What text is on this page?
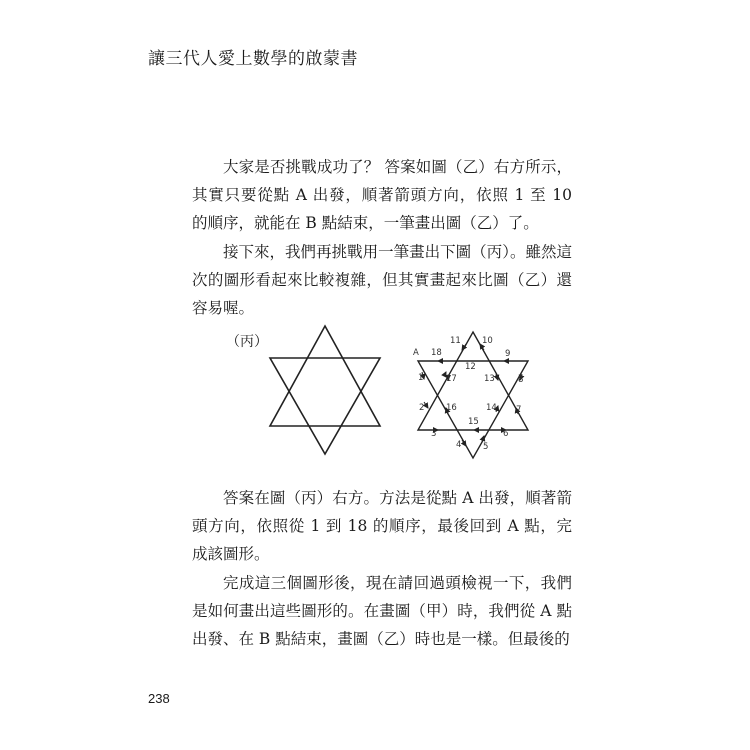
讓三代人愛上數學的啟蒙書

大家是否挑戰成功了？ 答案如圖（乙）右方所示，其實只要從點 A 出發，順著箭頭方向，依照 1 至 10 的順序，就能在 B 點結束，一筆畫出圖（乙）了。

接下來，我們再挑戰用一筆畫出下圖（丙）。雖然這次的圖形看起來比較複雜，但其實畫起來比圖（乙）還容易喔。

（丙）
A
1
2
3
4	5
6
7
8
9
10
11
12
13
14
15
16
17
18

答案在圖（丙）右方。方法是從點 A 出發，順著箭頭方向，依照從 1 到 18 的順序，最後回到 A 點，完成該圖形。

完成這三個圖形後，現在請回過頭檢視一下，我們是如何畫出這些圖形的。在畫圖（甲）時，我們從 A 點出發、在 B 點結束，畫圖（乙）時也是一樣。但最後的

238
